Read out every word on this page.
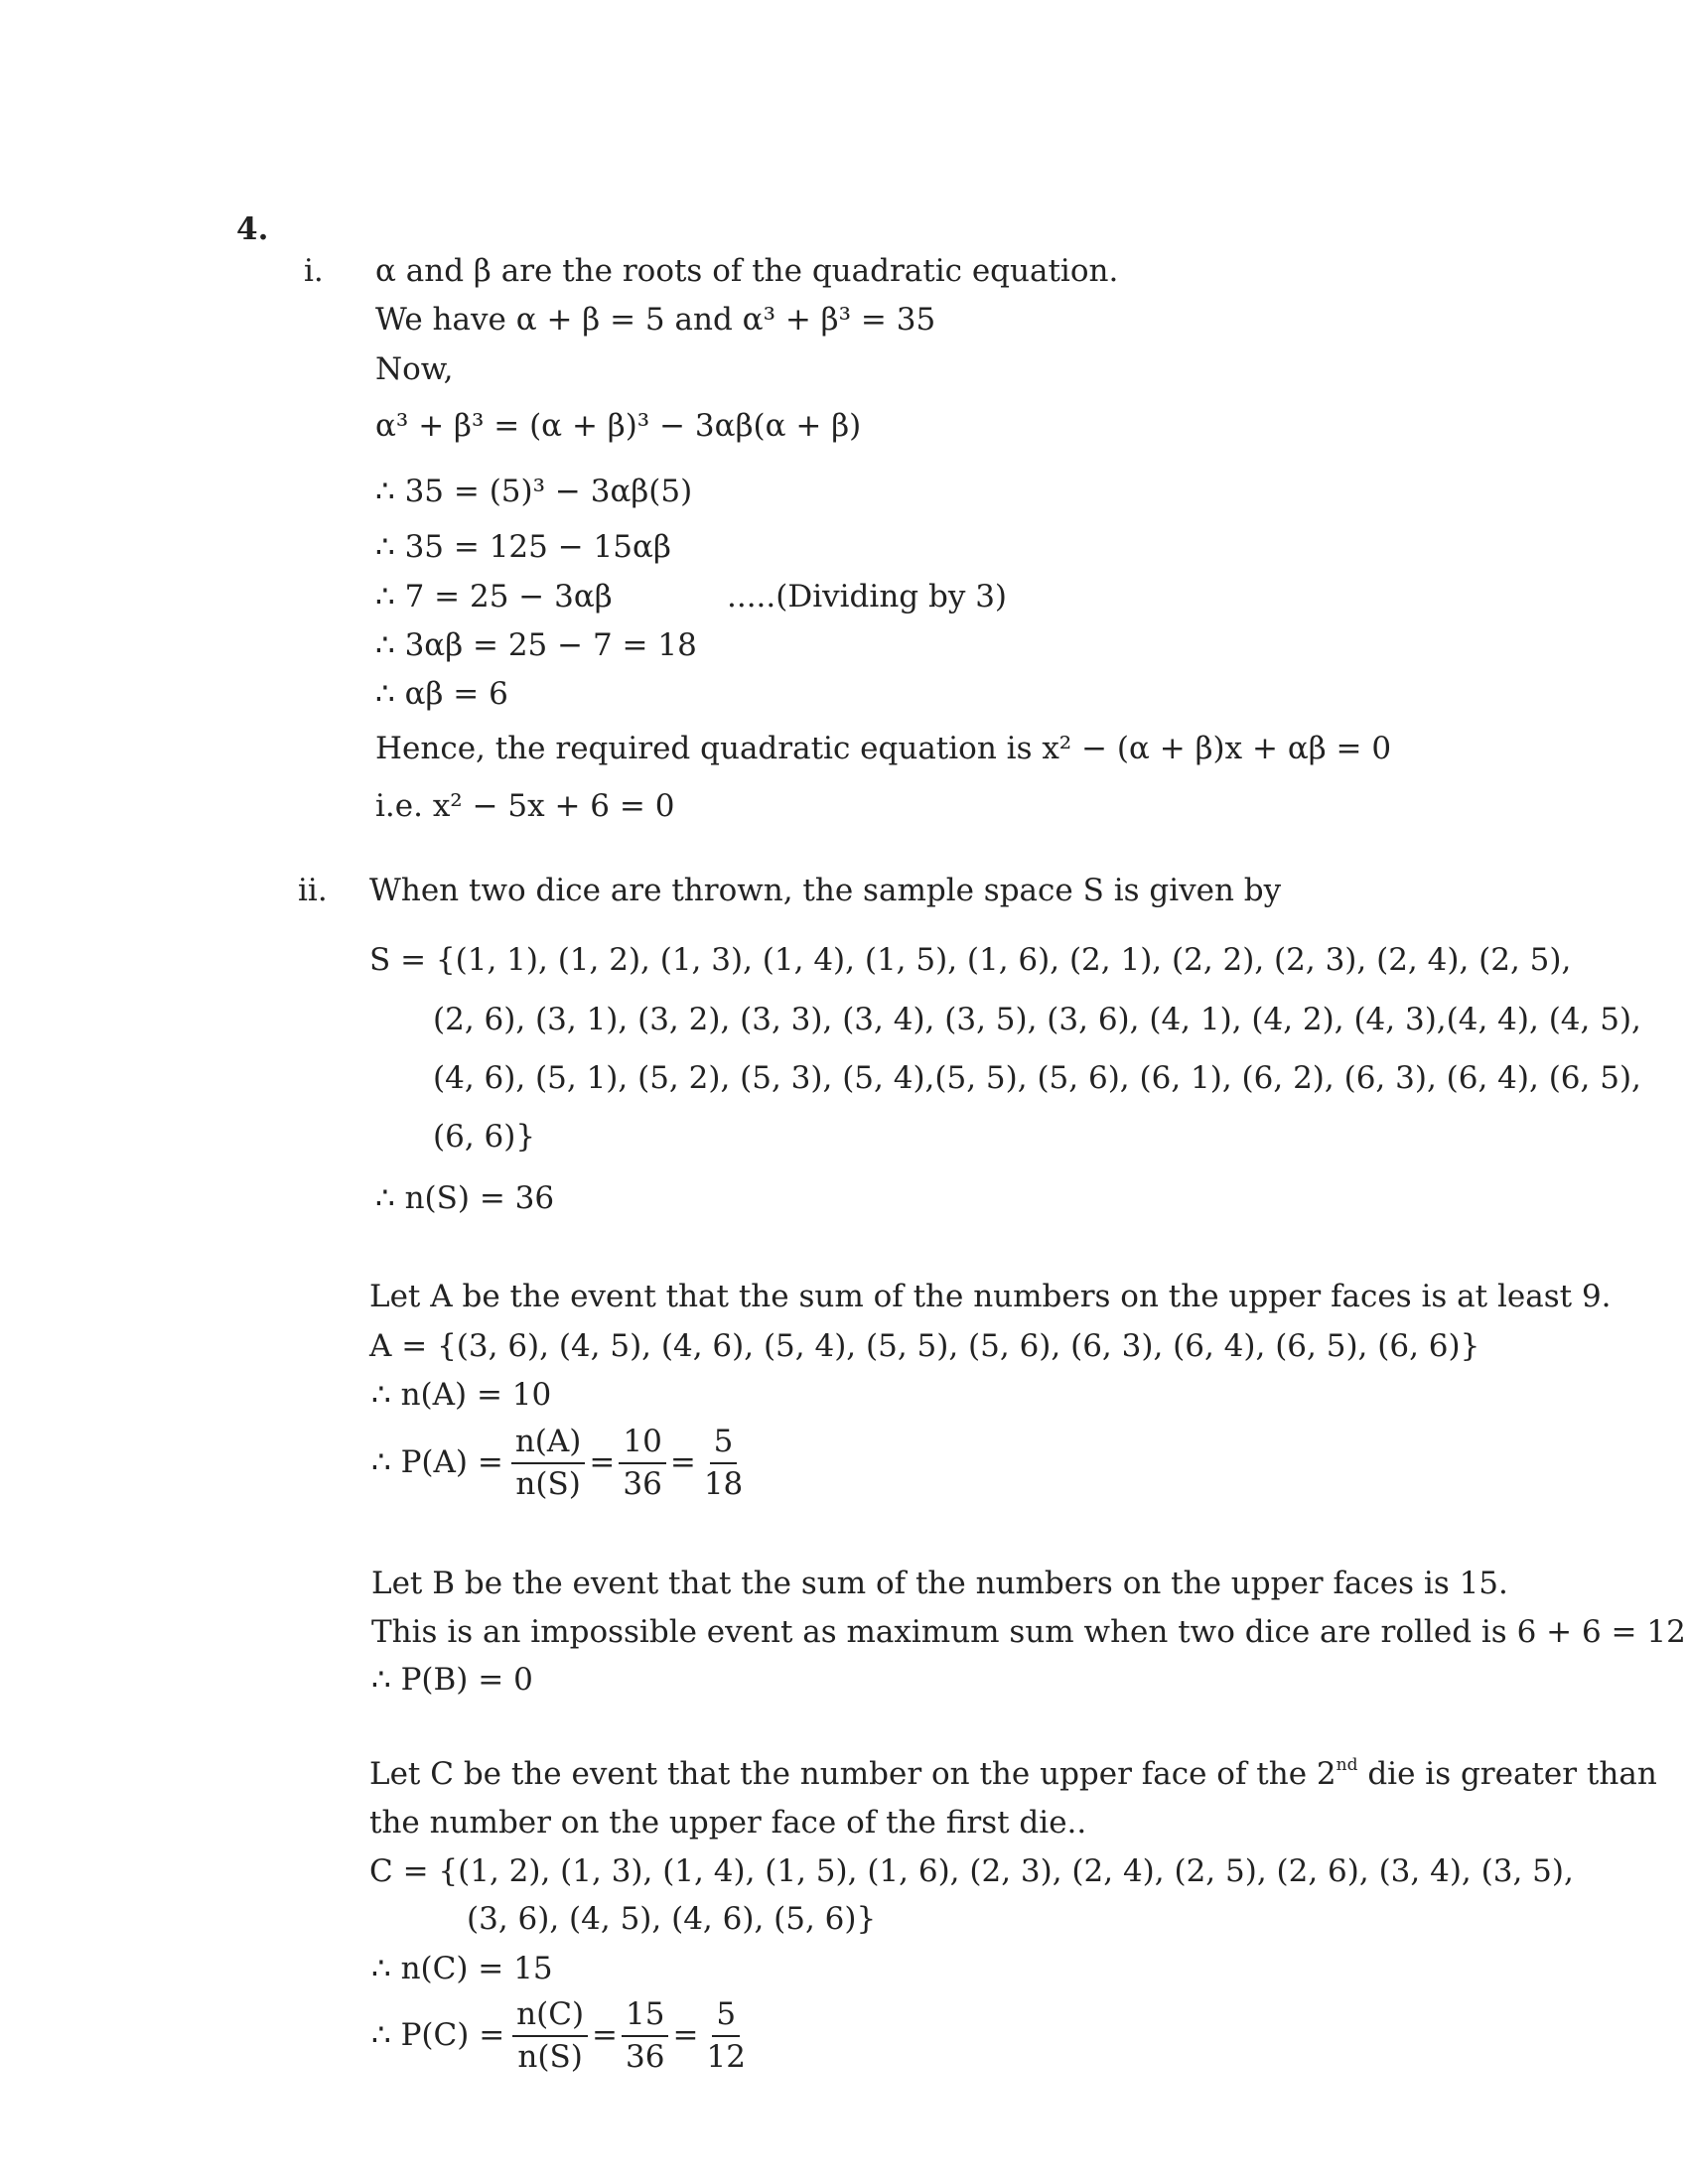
4.
i. α and β are the roots of the quadratic equation.
We have α + β = 5 and α³ + β³ = 35
Now,
α³ + β³ = (α + β)³ − 3αβ(α + β)
∴ 35 = (5)³ − 3αβ(5)
∴ 35 = 125 − 15αβ
∴ 7 = 25 − 3αβ	.....(Dividing by 3)
∴ 3αβ = 25 − 7 = 18
∴ αβ = 6
Hence, the required quadratic equation is x² − (α + β)x + αβ = 0
i.e. x² − 5x + 6 = 0
ii. When two dice are thrown, the sample space S is given by
S = {(1, 1), (1, 2), (1, 3), (1, 4), (1, 5), (1, 6), (2, 1), (2, 2), (2, 3), (2, 4), (2, 5),
(2, 6), (3, 1), (3, 2), (3, 3), (3, 4), (3, 5), (3, 6), (4, 1), (4, 2), (4, 3),(4, 4), (4, 5),
(4, 6), (5, 1), (5, 2), (5, 3), (5, 4),(5, 5), (5, 6), (6, 1), (6, 2), (6, 3), (6, 4), (6, 5),
(6, 6)}
∴ n(S) = 36
Let A be the event that the sum of the numbers on the upper faces is at least 9.
A = {(3, 6), (4, 5), (4, 6), (5, 4), (5, 5), (5, 6), (6, 3), (6, 4), (6, 5), (6, 6)}
∴ n(A) = 10
∴ $P(A) = \frac{n(A)}{n(S)} = \frac{10}{36} = \frac{5}{18}$
Let B be the event that the sum of the numbers on the upper faces is 15.
This is an impossible event as maximum sum when two dice are rolled is 6 + 6 = 12
∴ P(B) = 0
Let C be the event that the number on the upper face of the 2nd die is greater than
the number on the upper face of the first die..
C = {(1, 2), (1, 3), (1, 4), (1, 5), (1, 6), (2, 3), (2, 4), (2, 5), (2, 6), (3, 4), (3, 5),
(3, 6), (4, 5), (4, 6), (5, 6)}
∴ n(C) = 15
∴ $P(C) = \frac{n(C)}{n(S)} = \frac{15}{36} = \frac{5}{12}$
